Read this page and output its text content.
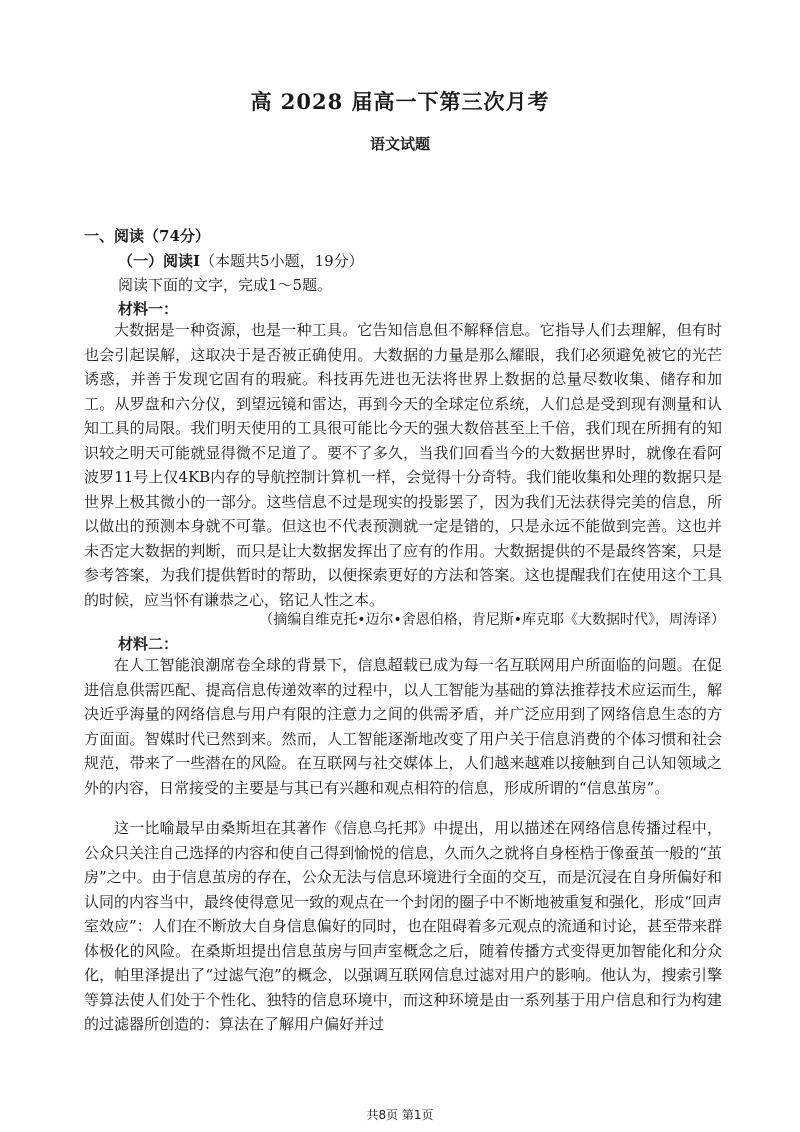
高 2028 届高一下第三次月考
语文试题
一、阅读（74分）
（一）阅读Ⅰ（本题共5小题，19分）
阅读下面的文字，完成1～5题。
材料一：

大数据是一种资源，也是一种工具。它告知信息但不解释信息。它指导人们去理解，但有时也会引起误解，这取决于是否被正确使用。大数据的力量是那么耀眼，我们必须避免被它的光芒诱惑，并善于发现它固有的瑕疵。科技再先进也无法将世界上数据的总量尽数收集、储存和加工。从罗盘和六分仪，到望远镜和雷达，再到今天的全球定位系统，人们总是受到现有测量和认知工具的局限。我们明天使用的工具很可能比今天的强大数倍甚至上千倍，我们现在所拥有的知识较之明天可能就显得微不足道了。要不了多久，当我们回看当今的大数据世界时，就像在看阿波罗11号上仅4KB内存的导航控制计算机一样，会觉得十分奇特。我们能收集和处理的数据只是世界上极其微小的一部分。这些信息不过是现实的投影罢了，因为我们无法获得完美的信息，所以做出的预测本身就不可靠。但这也不代表预测就一定是错的，只是永远不能做到完善。这也并未否定大数据的判断，而只是让大数据发挥出了应有的作用。大数据提供的不是最终答案，只是参考答案，为我们提供暂时的帮助，以便探索更好的方法和答案。这也提醒我们在使用这个工具的时候，应当怀有谦恭之心，铭记人性之本。

（摘编自维克托•迈尔•舍恩伯格，肯尼斯•库克耶《大数据时代》，周涛译）
材料二：

在人工智能浪潮席卷全球的背景下，信息超载已成为每一名互联网用户所面临的问题。在促进信息供需匹配、提高信息传递效率的过程中，以人工智能为基础的算法推荐技术应运而生，解决近乎海量的网络信息与用户有限的注意力之间的供需矛盾，并广泛应用到了网络信息生态的方方面面。智媒时代已然到来。然而，人工智能逐渐地改变了用户关于信息消费的个体习惯和社会规范，带来了一些潜在的风险。在互联网与社交媒体上，人们越来越难以接触到自己认知领域之外的内容，日常接受的主要是与其已有兴趣和观点相符的信息，形成所谓的“信息茧房”。

这一比喻最早由桑斯坦在其著作《信息乌托邦》中提出，用以描述在网络信息传播过程中，公众只关注自己选择的内容和使自己得到愉悦的信息，久而久之就将自身桎梏于像蚕茧一般的“茧房”之中。由于信息茧房的存在，公众无法与信息环境进行全面的交互，而是沉浸在自身所偏好和认同的内容当中，最终使得意见一致的观点在一个封闭的圈子中不断地被重复和强化，形成“回声室效应”：人们在不断放大自身信息偏好的同时，也在阻碍着多元观点的流通和讨论，甚至带来群体极化的风险。在桑斯坦提出信息茧房与回声室概念之后，随着传播方式变得更加智能化和分众化，帕里泽提出了“过滤气泡”的概念，以强调互联网信息过滤对用户的影响。他认为，搜索引擎等算法使人们处于个性化、独特的信息环境中，而这种环境是由一系列基于用户信息和行为构建的过滤器所创造的：算法在了解用户偏好并过

共8页 第1页
